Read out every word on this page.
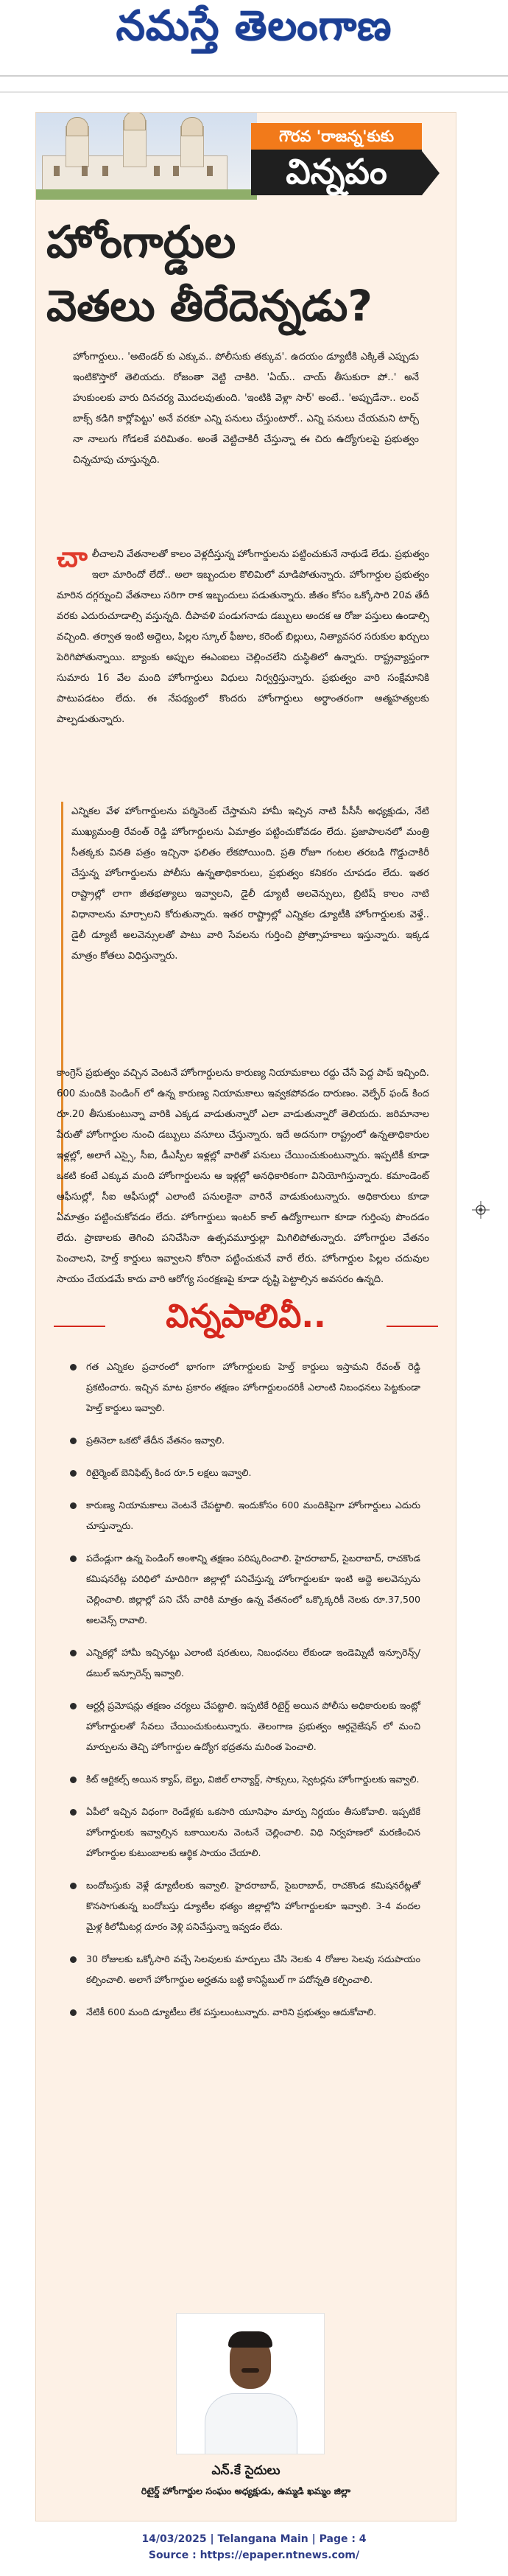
నమస్తే తెలంగాణ
గౌరవ 'రాజన్న'కుకు
విన్నపం
హోంగార్డుల
వెతలు తీరేదెన్నడు?
హోంగార్డులు.. 'అటెండర్ కు ఎక్కువ.. పోలీసుకు తక్కువ'. ఉదయం డ్యూటీకి ఎక్కితే ఎప్పుడు ఇంటికొస్తారో తెలియదు. రోజంతా వెట్టి చాకిరి. 'ఏయ్.. చాయ్ తీసుకురా పో..' అనే హుకుంలకు వారు దినచర్య మొదలవుతుంది. 'ఇంటికి వెళ్లా సార్' అంటే.. 'అప్పుడేనా.. లంచ్ బాక్స్ కడిగి కార్లోపెట్టు' అనే వరకూ ఎన్ని పనులు చేస్తుంటారో.. ఎన్ని పనులు చేయమని టార్చ్ నా నాలుగు గోడలకే పరిమితం. అంతే వెట్టిచాకిరీ చేస్తున్నా ఈ చిరు ఉద్యోగులపై ప్రభుత్వం చిన్నచూపు చూస్తున్నది.
చాలీచాలని వేతనాలతో కాలం వెళ్లదీస్తున్న హోంగార్డులను పట్టించుకునే నాథుడే లేడు. ప్రభుత్వం ఇలా మారిందో లేదో.. అలా ఇబ్బందుల కొలిమిలో మాడిపోతున్నారు. హోంగార్డుల ప్రభుత్వం మారిన దగ్గర్నుంచి వేతనాలు సరిగా రాక ఇబ్బందులు పడుతున్నారు. జీతం కోసం ఒక్కోసారి 20వ తేదీ వరకు ఎదురుచూడాల్సి వస్తున్నది. దీపావళి పండుగనాడు డబ్బులు అందక ఆ రోజు పస్తులు ఉండాల్సి వచ్చింది. తర్వాత ఇంటి అద్దెలు, పిల్లల స్కూల్ ఫీజుల, కరెంట్ బిల్లులు, నిత్యావసర సరుకుల ఖర్చులు పెరిగిపోతున్నాయి. బ్యాంకు అప్పుల ఈఎంఐలు చెల్లించలేని దుస్థితిలో ఉన్నారు. రాష్ట్రవ్యాప్తంగా సుమారు 16 వేల మంది హోంగార్డులు విధులు నిర్వర్తిస్తున్నారు. ప్రభుత్వం వారి సంక్షేమానికి పాటుపడటం లేదు. ఈ నేపథ్యంలో కొందరు హోంగార్డులు అర్థాంతరంగా ఆత్మహత్యలకు పాల్పడుతున్నారు.
ఎన్నికల వేళ హోంగార్డులను పర్మినెంట్ చేస్తామని హామీ ఇచ్చిన నాటి పీసీసీ అధ్యక్షుడు, నేటి ముఖ్యమంత్రి రేవంత్ రెడ్డి హోంగార్డులను ఏమాత్రం పట్టించుకోవడం లేదు. ప్రజాపాలనలో మంత్రి సీతక్కకు వినతి పత్రం ఇచ్చినా ఫలితం లేకపోయింది. ప్రతి రోజూ గంటల తరబడి గొడ్డుచాకిరీ చేస్తున్న హోంగార్డులను పోలీసు ఉన్నతాధికారులు, ప్రభుత్వం కనికరం చూపడం లేదు. ఇతర రాష్ట్రాల్లో లాగా జీతభత్యాలు ఇవ్వాలని, డైలీ డ్యూటీ అలవెన్సులు, బ్రిటిష్ కాలం నాటి విధానాలను మార్చాలని కోరుతున్నారు. ఇతర రాష్ట్రాల్లో ఎన్నికల డ్యూటీకి హోంగార్డులకు వెళ్తే.. డైలీ డ్యూటీ అలవెన్సులతో పాటు వారి సేవలను గుర్తించి ప్రోత్సాహకాలు ఇస్తున్నారు. ఇక్కడ మాత్రం కోతలు విధిస్తున్నారు.
కాంగ్రెస్ ప్రభుత్వం వచ్చిన వెంటనే హోంగార్డులను కారుణ్య నియామకాలు రద్దు చేసే పెద్ద పాప్ ఇచ్చింది. 600 మందికి పెండింగ్ లో ఉన్న కారుణ్య నియామకాలు ఇవ్వకపోవడం దారుణం. వెల్ఫేర్ ఫండ్ కింద రూ.20 తీసుకుంటున్నా వారికి ఎక్కడ వాడుతున్నారో ఎలా వాడుతున్నారో తెలియదు. జరిమానాల పేరుతో హోంగార్డుల నుంచి డబ్బులు వసూలు చేస్తున్నారు. ఇదే అదనుగా రాష్ట్రంలో ఉన్నతాధికారుల ఇళ్లల్లో, అలాగే ఎస్సై, సీఐ, డీఎస్పీల ఇళ్లల్లో వారితో పనులు చేయించుకుంటున్నారు. ఇప్పటికీ కూడా ఒకటి కంటే ఎక్కువ మంది హోంగార్డులను ఆ ఇళ్లల్లో అనధికారికంగా వినియోగిస్తున్నారు. కమాండెంట్ ఆఫీసుల్లో, సీఐ ఆఫీసుల్లో ఎలాంటి పనులకైనా వారినే వాడుకుంటున్నారు. అధికారులు కూడా ఏమాత్రం పట్టించుకోవడం లేదు. హోంగార్డులు ఇంటర్ కాల్ ఉద్యోగాలుగా కూడా గుర్తింపు పొందడం లేదు. ప్రాణాలకు తెగించి పనిచేసినా ఉత్సవమూర్తుల్లా మిగిలిపోతున్నారు. హోంగార్డుల వేతనం పెంచాలని, హెల్త్ కార్డులు ఇవ్వాలని కోరినా పట్టించుకునే వారే లేరు. హోంగార్డుల పిల్లల చదువుల సాయం చేయడమే కాదు వారి ఆరోగ్య సంరక్షణపై కూడా దృష్టి పెట్టాల్సిన అవసరం ఉన్నది.
విన్నపాలివీ..
గత ఎన్నికల ప్రచారంలో భాగంగా హోంగార్డులకు హెల్త్ కార్డులు ఇస్తామని రేవంత్ రెడ్డి ప్రకటించారు. ఇచ్చిన మాట ప్రకారం తక్షణం హోంగార్డులందరికీ ఎలాంటి నిబంధనలు పెట్టకుండా హెల్త్ కార్డులు ఇవ్వాలి.
ప్రతినెలా ఒకటో తేదీన వేతనం ఇవ్వాలి.
రిటైర్మెంట్ బెనిఫిట్స్ కింద రూ.5 లక్షలు ఇవ్వాలి.
కారుణ్య నియామకాలు వెంటనే చేపట్టాలి. ఇందుకోసం 600 మందికిపైగా హోంగార్డులు ఎదురు చూస్తున్నారు.
పదేండ్లుగా ఉన్న పెండింగ్ అంశాన్ని తక్షణం పరిష్కరించాలి. హైదరాబాద్, సైబరాబాద్, రాచకొండ కమిషనరేట్ల పరిధిలో మాదిరిగా జిల్లాల్లో పనిచేస్తున్న హోంగార్డులకూ ఇంటి అద్దె అలవెన్సును చెల్లించాలి. జిల్లాల్లో పని చేసే వారికి మాత్రం ఉన్న వేతనంలో ఒక్కొక్కరికీ నెలకు రూ.37,500 అలవెన్స్ రావాలి.
ఎన్నికల్లో హామీ ఇచ్చినట్టు ఎలాంటి షరతులు, నిబంధనలు లేకుండా ఇండెమ్నిటీ ఇన్సూరెన్స్/డబుల్ ఇన్సూరెన్స్ ఇవ్వాలి.
ఆర్టర్లీ ప్రమోషన్లు తక్షణం చర్యలు చేపట్టాలి. ఇప్పటికే రిటైర్డ్ అయిన పోలీసు అధికారులకు ఇంట్లో హోంగార్డులతో సేవలు చేయించుకుంటున్నారు. తెలంగాణ ప్రభుత్వం ఆర్గనైజేషన్ లో మంచి మార్పులను తెచ్చి హోంగార్డుల ఉద్యోగ భద్రతను మరింత పెంచాలి.
కిట్ ఆర్టికల్స్ అయిన క్యాప్, బెల్టు, విజిల్ లాన్యార్డ్, సాక్సులు, స్వెటర్లను హోంగార్డులకు ఇవ్వాలి.
ఏపీలో ఇచ్చిన విధంగా రెండేళ్లకు ఒకసారి యూనిఫాం మార్పు నిర్ణయం తీసుకోవాలి. ఇప్పటికే హోంగార్డులకు ఇవ్వాల్సిన బకాయిలను వెంటనే చెల్లించాలి. విధి నిర్వహణలో మరణించిన హోంగార్డుల కుటుంబాలకు ఆర్థిక సాయం చేయాలి.
బందోబస్తుకు వెళ్లే డ్యూటీలకు ఇవ్వాలి. హైదరాబాద్, సైబరాబాద్, రాచకొండ కమిషనరేట్లతో కొనసాగుతున్న బందోబస్తు డ్యూటీల భత్యం జిల్లాల్లోని హోంగార్డులకూ ఇవ్వాలి. 3-4 వందల మైళ్ల కిలోమీటర్ల దూరం వెళ్లి పనిచేస్తున్నా ఇవ్వడం లేదు.
30 రోజులకు ఒక్కోసారి వచ్చే సెలవులకు మార్పులు చేసి నెలకు 4 రోజుల సెలవు సదుపాయం కల్పించాలి. అలాగే హోంగార్డుల అర్హతను బట్టి కానిస్టేబుల్ గా పదోన్నతి కల్పించాలి.
నేటికీ 600 మంది డ్యూటీలు లేక పస్తులుంటున్నారు. వారిని ప్రభుత్వం ఆదుకోవాలి.
ఎన్.కే సైదులు
రిటైర్డ్ హోంగార్డుల సంఘం అధ్యక్షుడు, ఉమ్మడి ఖమ్మం జిల్లా
14/03/2025 | Telangana Main | Page : 4
Source : https://epaper.ntnews.com/
